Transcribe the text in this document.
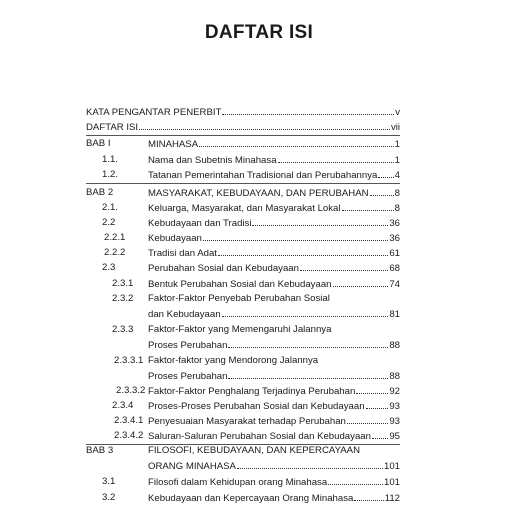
DAFTAR ISI
KATA PENGANTAR PENERBIT	v
DAFTAR ISI	vii
BAB I	MINAHASA	1
1.1.	Nama dan Subetnis Minahasa	1
1.2.	Tatanan Pemerintahan Tradisional dan Perubahannya 4
BAB 2	MASYARAKAT, KEBUDAYAAN, DAN PERUBAHAN	8
2.1.	Keluarga, Masyarakat, dan Masyarakat Lokal	8
2.2	Kebudayaan dan Tradisi	36
2.2.1 Kebudayaan	36
2.2.2 Tradisi dan Adat	61
2.3	Perubahan Sosial dan Kebudayaan	68
2.3.1 Bentuk Perubahan Sosial dan Kebudayaan	74
2.3.2 Faktor-Faktor Penyebab Perubahan Sosial
dan Kebudayaan	81
2.3.3 Faktor-Faktor yang Memengaruhi Jalannya
Proses Perubahan	88
2.3.3.1 Faktor-faktor yang Mendorong Jalannya
Proses Perubahan	88
2.3.3.2 Faktor-Faktor Penghalang Terjadinya Perubahan	92
2.3.4 Proses-Proses Perubahan Sosial dan Kebudayaan	93
2.3.4.1 Penyesuaian Masyarakat terhadap Perubahan	93
2.3.4.2 Saluran-Saluran Perubahan Sosial dan Kebudayaan 95
BAB 3	FILOSOFI, KEBUDAYAAN, DAN KEPERCAYAAN
ORANG MINAHASA	101
3.1	Filosofi dalam Kehidupan orang Minahasa	101
3.2	Kebudayaan dan Kepercayaan Orang Minahasa	112
